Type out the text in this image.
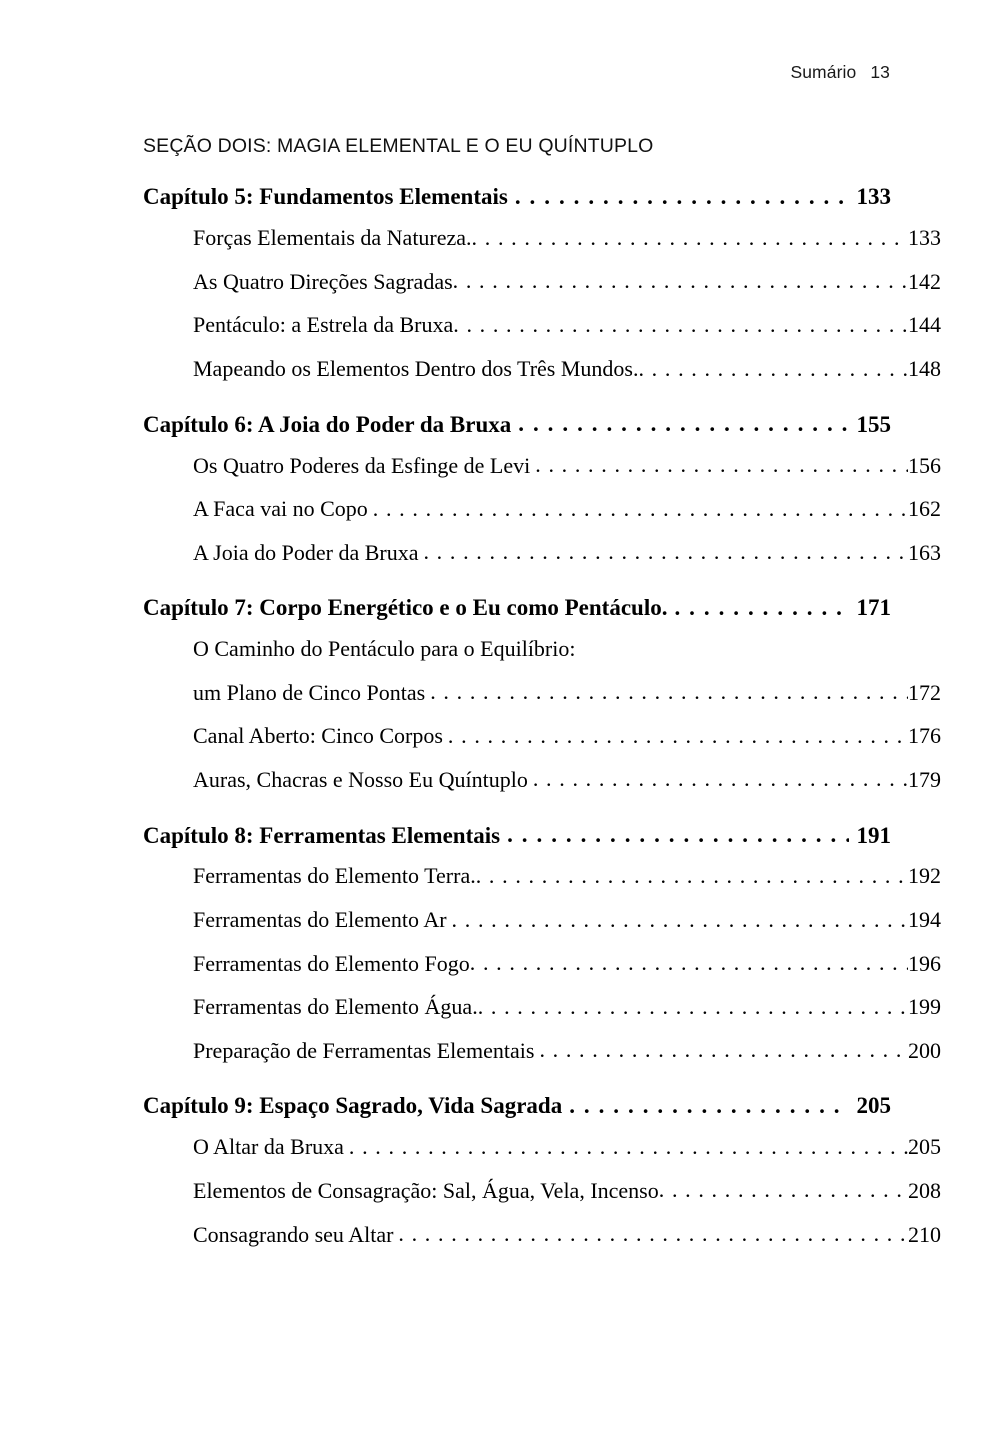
Sumário 13
SEÇÃO DOIS: MAGIA ELEMENTAL E O EU QUÍNTUPLO
Capítulo 5: Fundamentos Elementais . . .	133
Forças Elementais da Natureza. . . .	133
As Quatro Direções Sagradas . . .	142
Pentáculo: a Estrela da Bruxa . . .	144
Mapeando os Elementos Dentro dos Três Mundos. . . .	148
Capítulo 6: A Joia do Poder da Bruxa . . .	155
Os Quatro Poderes da Esfinge de Levi . . .	156
A Faca vai no Copo . . .	162
A Joia do Poder da Bruxa . . .	163
Capítulo 7: Corpo Energético e o Eu como Pentáculo. . . .	171
O Caminho do Pentáculo para o Equilíbrio:
um Plano de Cinco Pontas . . .	172
Canal Aberto: Cinco Corpos . . .	176
Auras, Chacras e Nosso Eu Quíntuplo . . .	179
Capítulo 8: Ferramentas Elementais . . .	191
Ferramentas do Elemento Terra. . . .	192
Ferramentas do Elemento Ar . . .	194
Ferramentas do Elemento Fogo . . .	196
Ferramentas do Elemento Água. . . .	199
Preparação de Ferramentas Elementais . . .	200
Capítulo 9: Espaço Sagrado, Vida Sagrada . . .	205
O Altar da Bruxa . . .	205
Elementos de Consagração: Sal, Água, Vela, Incenso . . .	208
Consagrando seu Altar . . .	210
